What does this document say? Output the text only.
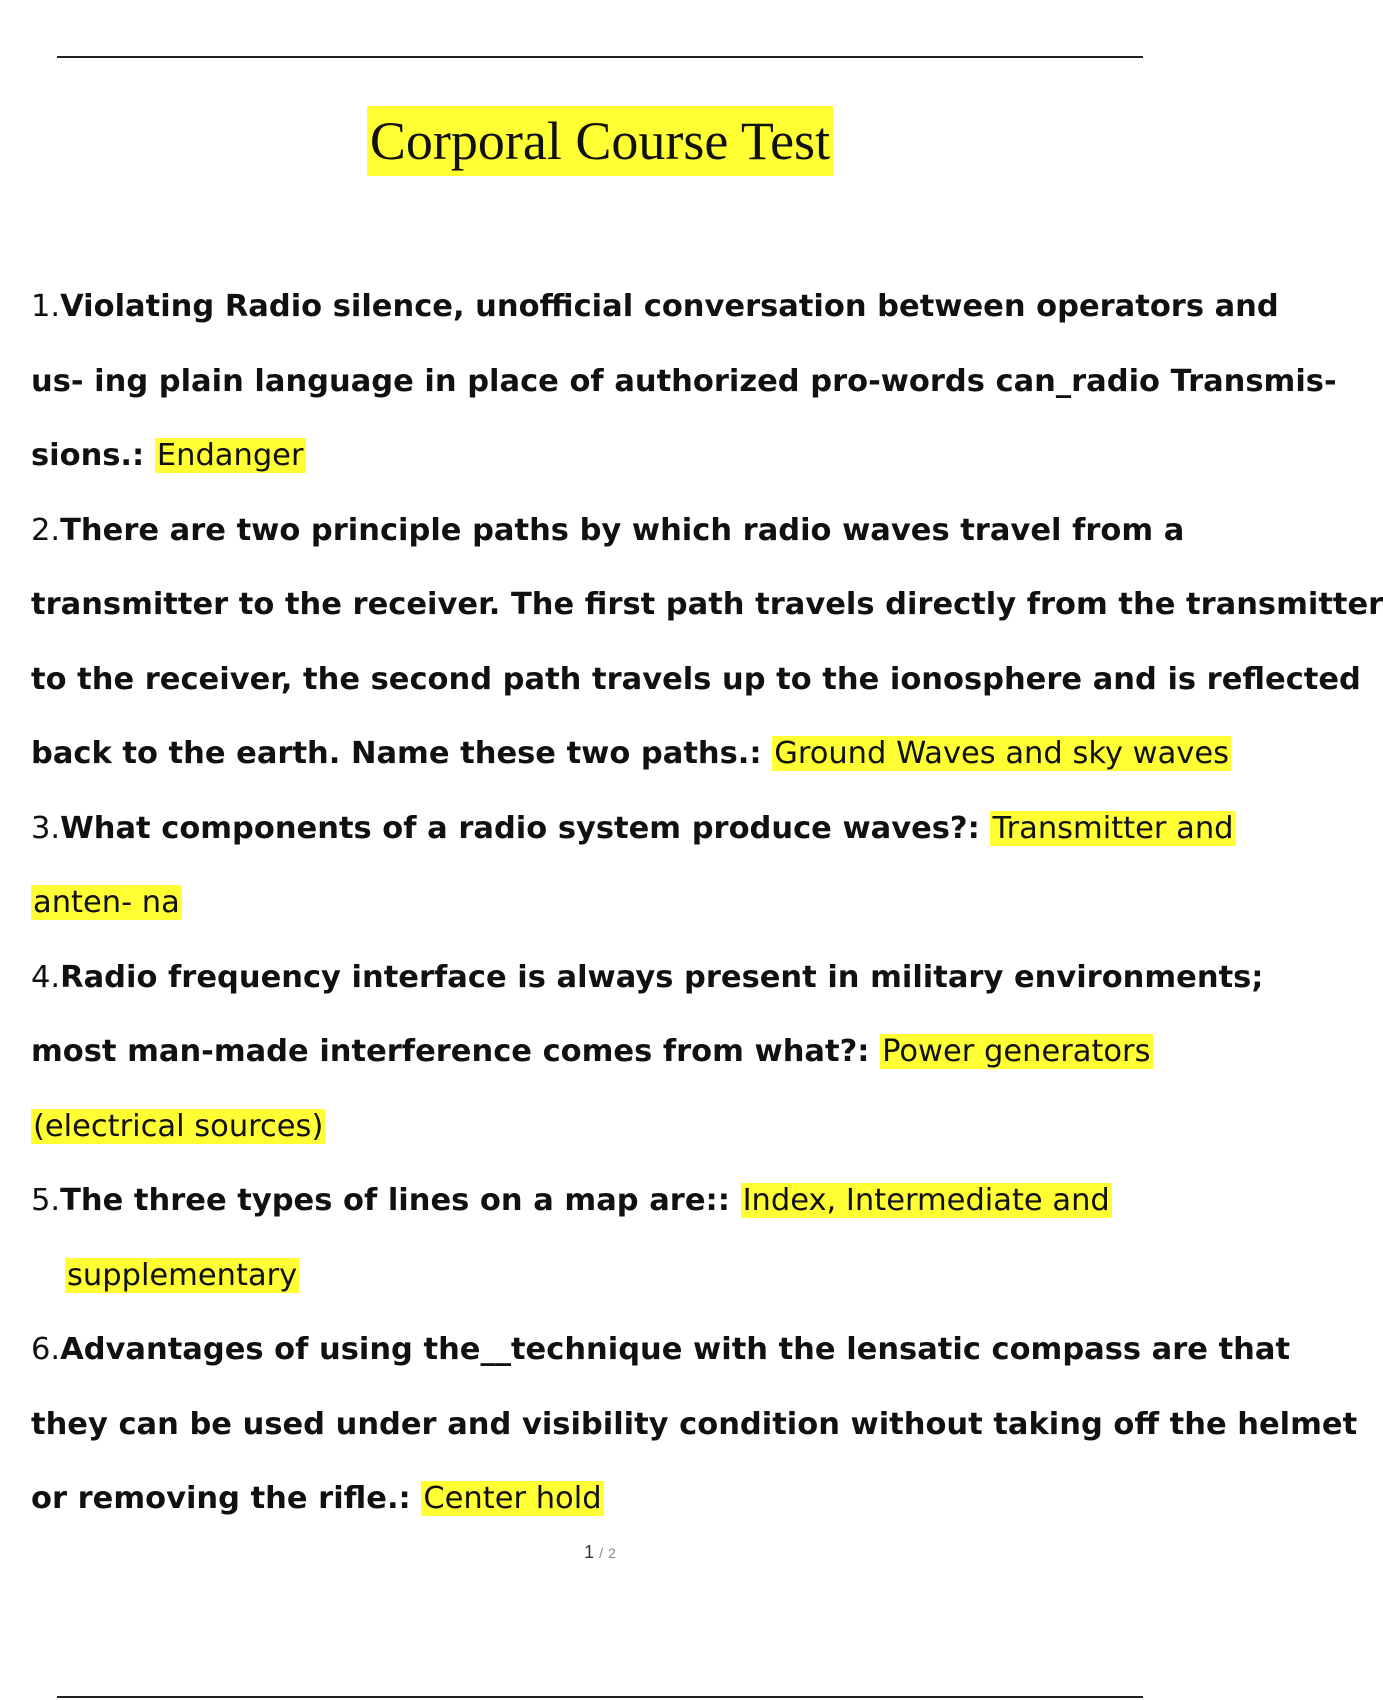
Corporal Course Test
1.Violating Radio silence, unofficial conversation between operators and
us- ing plain language in place of authorized pro-words can_radio Transmis-
sions.: Endanger
2.There are two principle paths by which radio waves travel from a
transmitter to the receiver. The first path travels directly from the transmitter
to the receiver, the second path travels up to the ionosphere and is reflected
back to the earth. Name these two paths.: Ground Waves and sky waves
3.What components of a radio system produce waves?: Transmitter and
anten- na
4.Radio frequency interface is always present in military environments;
most man-made interference comes from what?: Power generators
(electrical sources)
5.The three types of lines on a map are:: Index, Intermediate and
supplementary
6.Advantages of using the__technique with the lensatic compass are that
they can be used under and visibility condition without taking off the helmet
or removing the rifle.: Center hold
1 / 2
